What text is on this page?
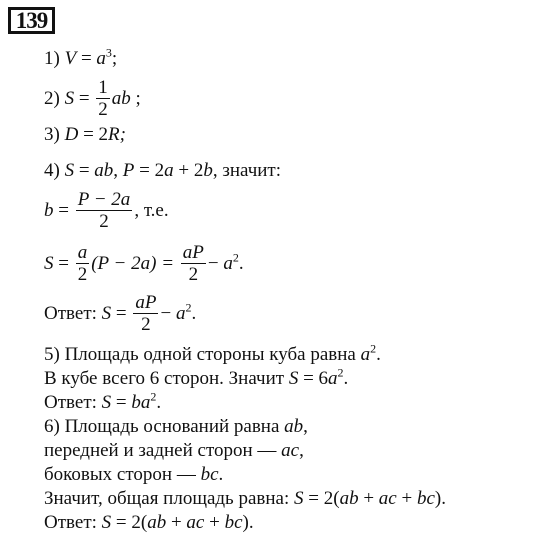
139
1) $V = a^3$;
2) $S = \frac{1}{2}$ ab ;
3) D = 2R;
4) S = ab, P = 2a + 2b, значит:
$b = \frac{P - 2a}{2}$ , т.е.
$S = \frac{a}{2} (P - 2a) = \frac{aP}{2} - a^2$.
Ответ: $S = \frac{aP}{2} - a^2$.
5) Площадь одной стороны куба равна $a^2$.
В кубе всего 6 сторон. Значит $S = 6a^2$.
Ответ: $S = ba^2$.
6) Площадь оснований равна ab,
передней и задней сторон — ac,
боковых сторон — bc.
Значит, общая площадь равна: S = 2(ab + ac + bc).
Ответ: S = 2(ab + ac + bc).
